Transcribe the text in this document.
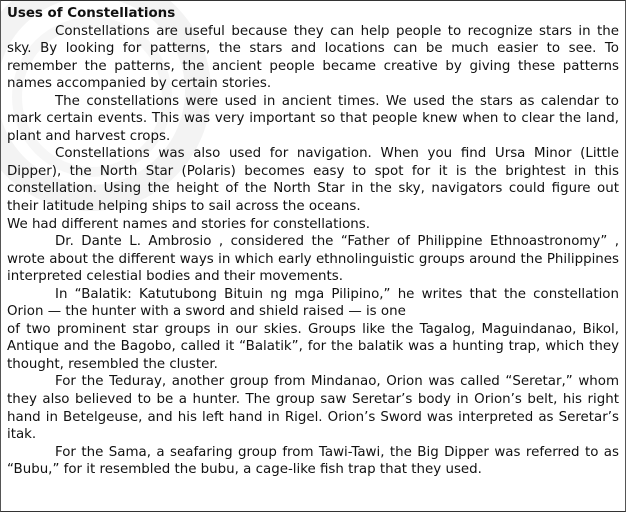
Uses of Constellations

Constellations are useful because they can help people to recognize stars in the sky. By looking for patterns, the stars and locations can be much easier to see. To remember the patterns, the ancient people became creative by giving these patterns names accompanied by certain stories.

The constellations were used in ancient times. We used the stars as calendar to mark certain events. This was very important so that people knew when to clear the land, plant and harvest crops.

Constellations was also used for navigation. When you find Ursa Minor (Little Dipper), the North Star (Polaris) becomes easy to spot for it is the brightest in this constellation. Using the height of the North Star in the sky, navigators could figure out their latitude helping ships to sail across the oceans.

We had different names and stories for constellations.

Dr. Dante L. Ambrosio , considered the “Father of Philippine Ethnoastronomy” , wrote about the different ways in which early ethnolinguistic groups around the Philippines interpreted celestial bodies and their movements.

In “Balatik: Katutubong Bituin ng mga Pilipino,” he writes that the constellation Orion — the hunter with a sword and shield raised — is one

of two prominent star groups in our skies. Groups like the Tagalog, Maguindanao, Bikol, Antique and the Bagobo, called it “Balatik”, for the balatik was a hunting trap, which they thought, resembled the cluster.

For the Teduray, another group from Mindanao, Orion was called “Seretar,” whom they also believed to be a hunter. The group saw Seretar’s body in Orion’s belt, his right hand in Betelgeuse, and his left hand in Rigel. Orion’s Sword was interpreted as Seretar’s itak.

For the Sama, a seafaring group from Tawi-Tawi, the Big Dipper was referred to as “Bubu,” for it resembled the bubu, a cage-like fish trap that they used.
